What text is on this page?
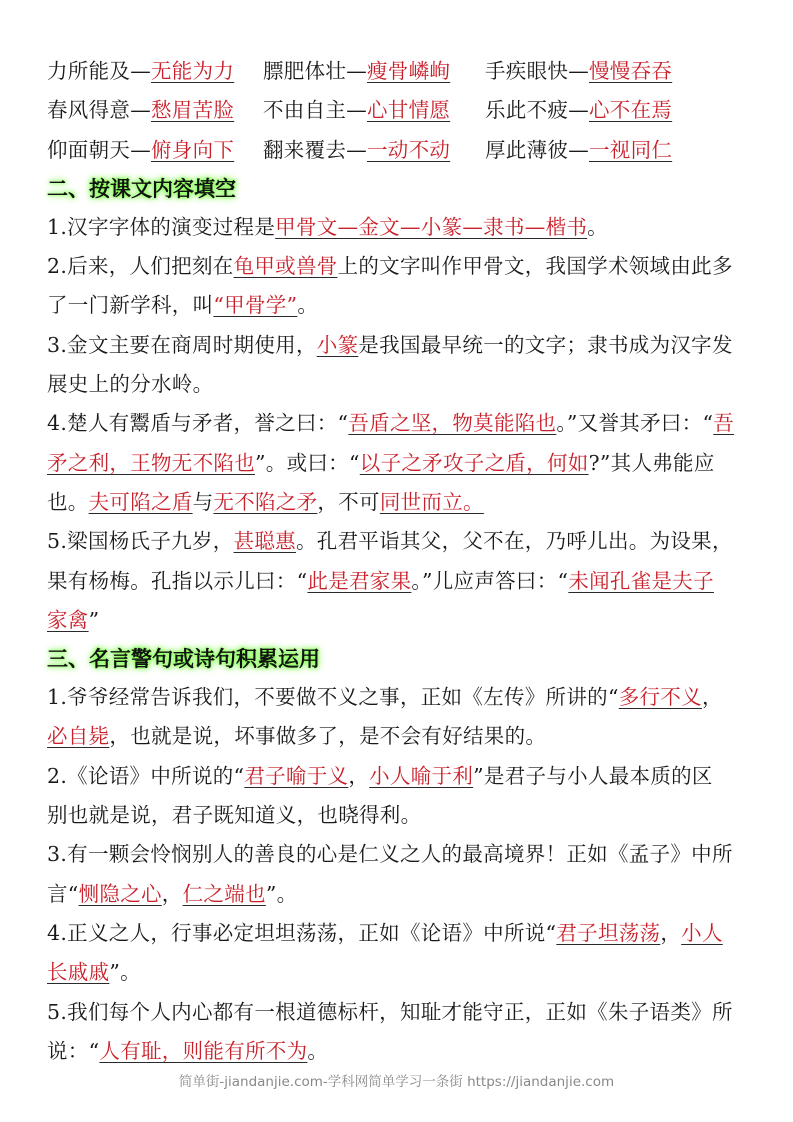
力所能及—无能为力	膘肥体壮—瘦骨嶙峋	手疾眼快—慢慢吞吞
春风得意—愁眉苦脸	不由自主—心甘情愿	乐此不疲—心不在焉
仰面朝天—俯身向下	翻来覆去—一动不动	厚此薄彼—一视同仁
二、按课文内容填空
1.汉字字体的演变过程是甲骨文—金文—小篆—隶书—楷书。
2.后来，人们把刻在龟甲或兽骨上的文字叫作甲骨文，我国学术领域由此多
了一门新学科，叫“甲骨学”。
3.金文主要在商周时期使用，小篆是我国最早统一的文字；隶书成为汉字发
展史上的分水岭。
4.楚人有鬻盾与矛者，誉之曰：“吾盾之坚，物莫能陷也。”又誉其矛曰：“吾
矛之利，王物无不陷也”。或曰：“以子之矛攻子之盾，何如?”其人弗能应
也。夫可陷之盾与无不陷之矛，不可同世而立。
5.梁国杨氏子九岁，甚聪惠。孔君平诣其父，父不在，乃呼儿出。为设果，
果有杨梅。孔指以示儿曰：“此是君家果。”儿应声答曰：“未闻孔雀是夫子
家禽”
三、名言警句或诗句积累运用
1.爷爷经常告诉我们，不要做不义之事，正如《左传》所讲的“多行不义，
必自毙，也就是说，坏事做多了，是不会有好结果的。
2.《论语》中所说的“君子喻于义，小人喻于利”是君子与小人最本质的区
别也就是说，君子既知道义，也晓得利。
3.有一颗会怜悯别人的善良的心是仁义之人的最高境界！正如《孟子》中所
言“恻隐之心，仁之端也”。
4.正义之人，行事必定坦坦荡荡，正如《论语》中所说“君子坦荡荡，小人
长戚戚”。
5.我们每个人内心都有一根道德标杆，知耻才能守正，正如《朱子语类》所
说：“人有耻，则能有所不为。
简单街-jiandanjie.com-学科网简单学习一条街 https://jiandanjie.com
